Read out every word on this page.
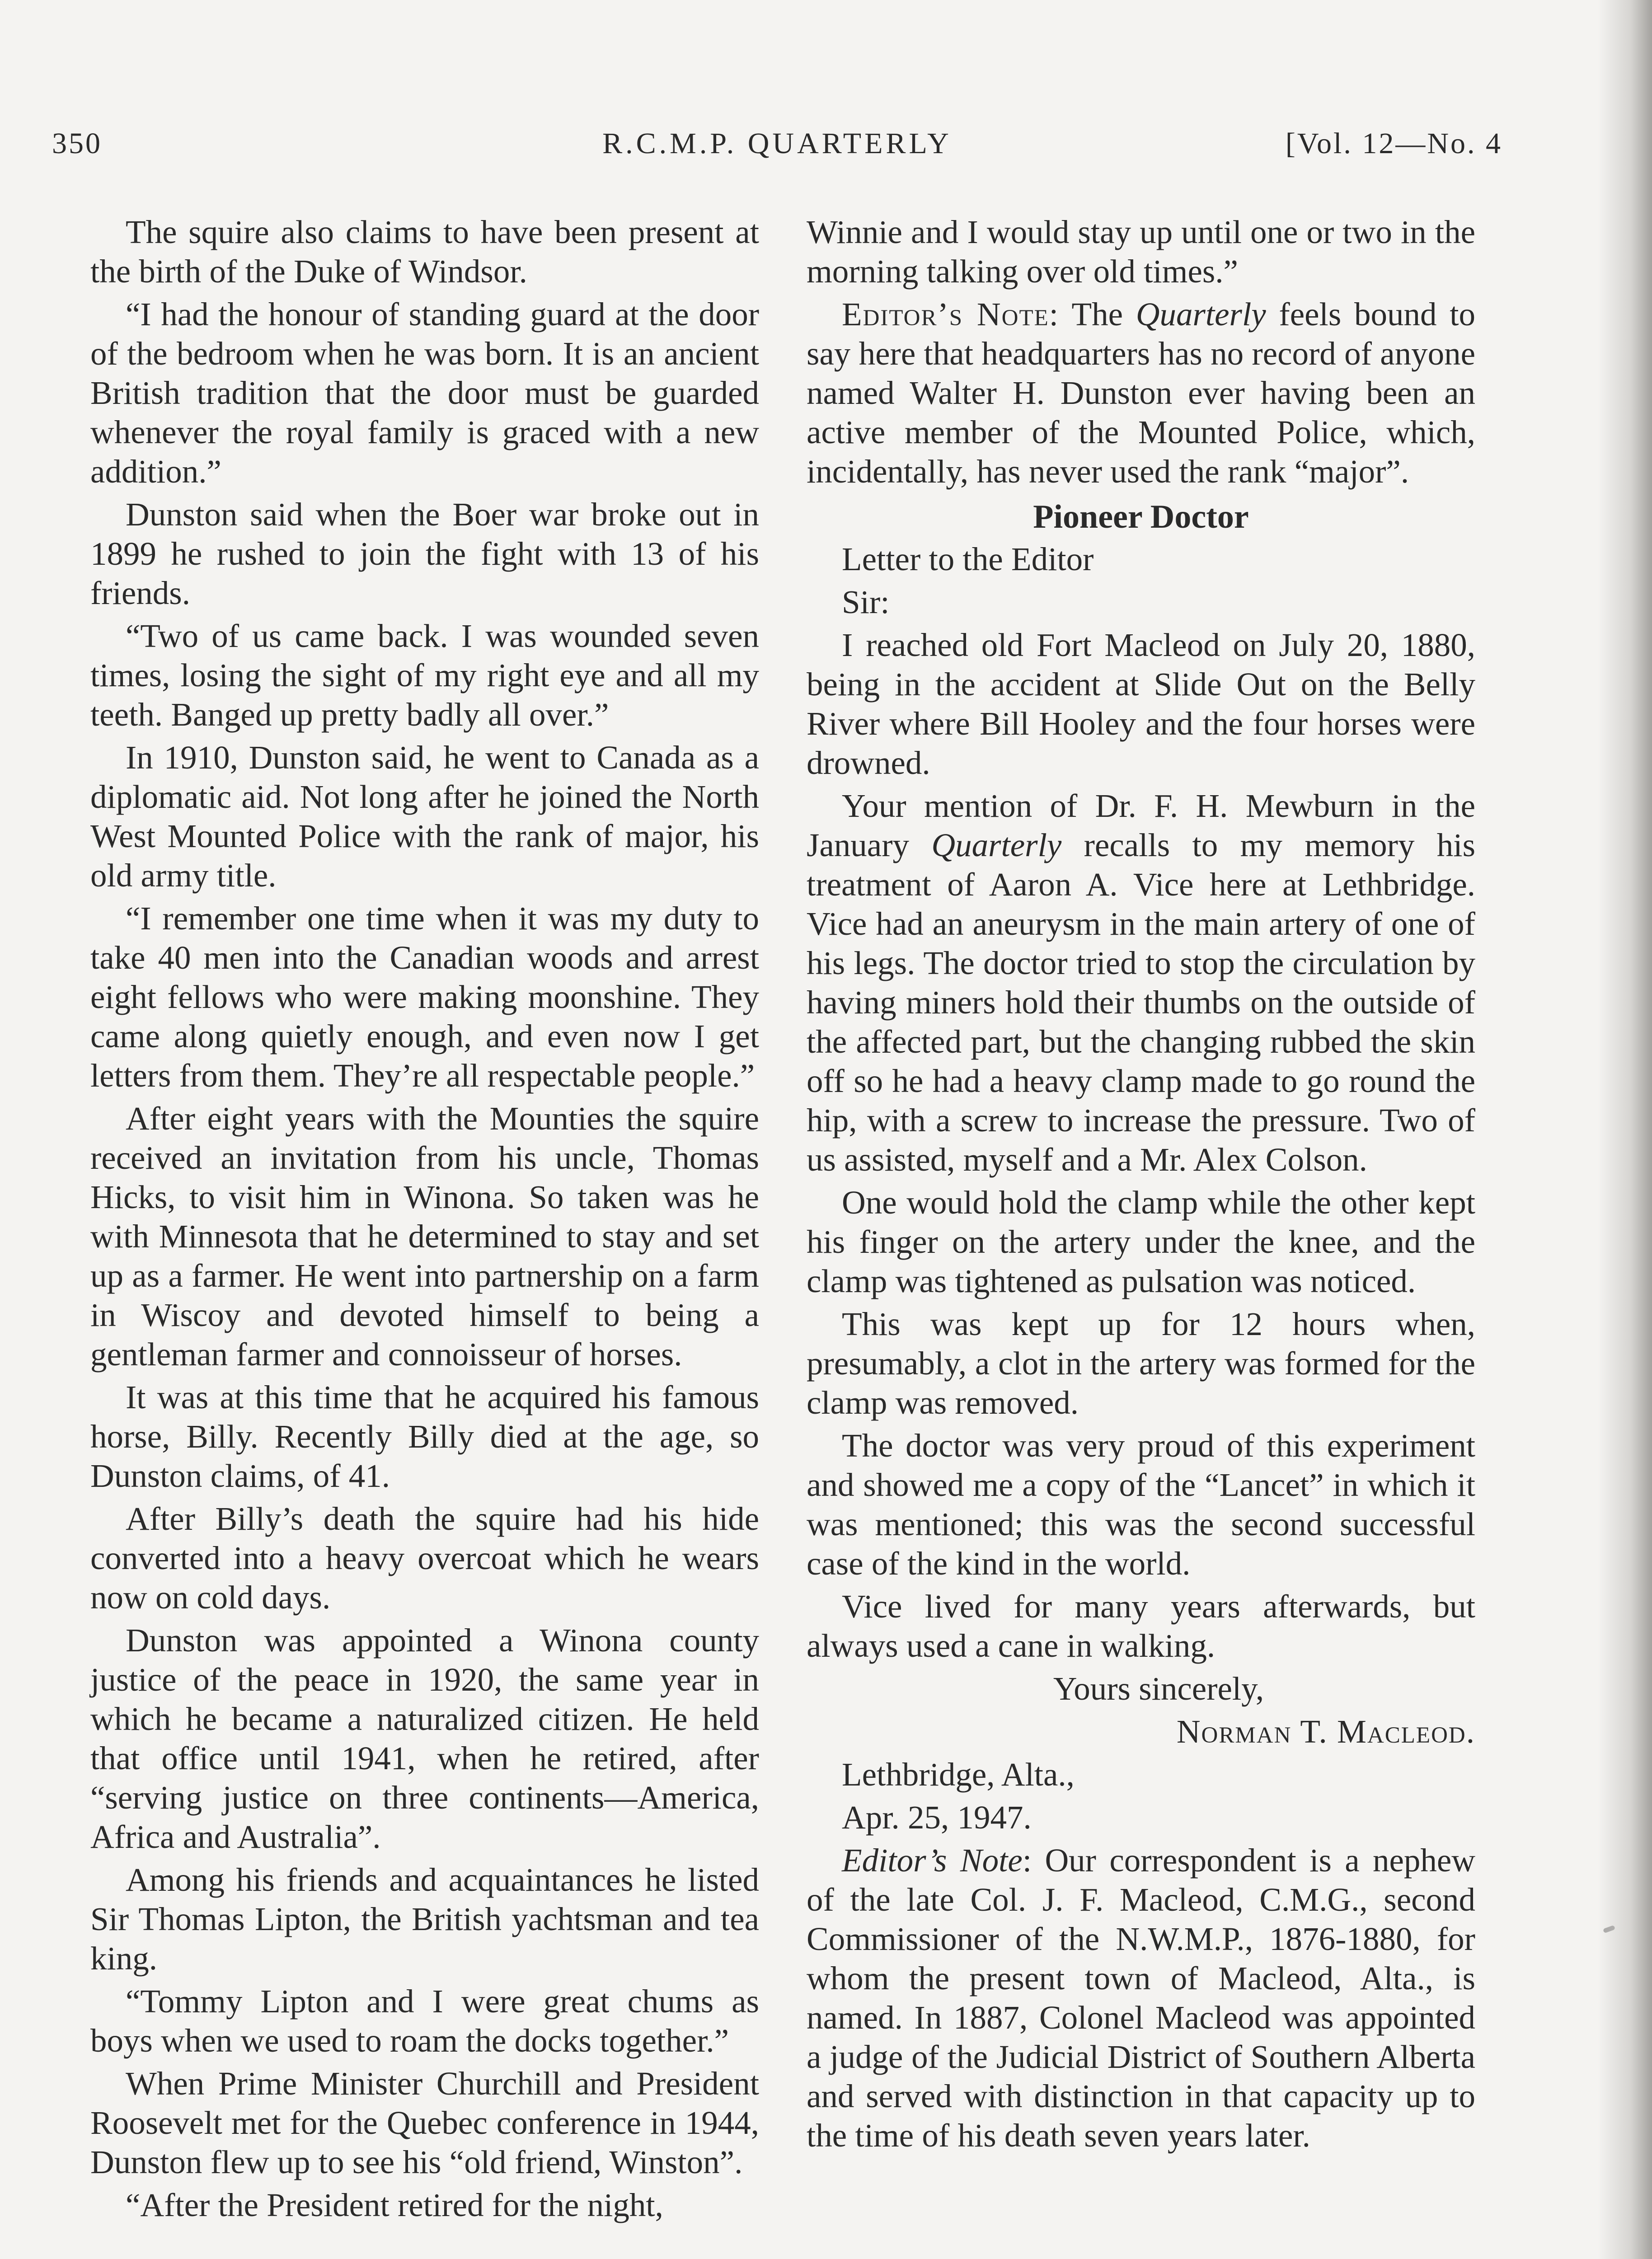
350	R.C.M.P. QUARTERLY	[Vol. 12—No. 4

The squire also claims to have been present at the birth of the Duke of Windsor.

“I had the honour of standing guard at the door of the bedroom when he was born. It is an ancient British tradition that the door must be guarded whenever the royal family is graced with a new addition.”

Dunston said when the Boer war broke out in 1899 he rushed to join the fight with 13 of his friends.

“Two of us came back. I was wounded seven times, losing the sight of my right eye and all my teeth. Banged up pretty badly all over.”

In 1910, Dunston said, he went to Canada as a diplomatic aid. Not long after he joined the North West Mounted Police with the rank of major, his old army title.

“I remember one time when it was my duty to take 40 men into the Canadian woods and arrest eight fellows who were making moonshine. They came along quietly enough, and even now I get letters from them. They’re all respectable people.”

After eight years with the Mounties the squire received an invitation from his uncle, Thomas Hicks, to visit him in Winona. So taken was he with Minnesota that he determined to stay and set up as a farmer. He went into partnership on a farm in Wiscoy and devoted himself to being a gentleman farmer and connoisseur of horses.

It was at this time that he acquired his famous horse, Billy. Recently Billy died at the age, so Dunston claims, of 41.

After Billy’s death the squire had his hide converted into a heavy overcoat which he wears now on cold days.

Dunston was appointed a Winona county justice of the peace in 1920, the same year in which he became a naturalized citizen. He held that office until 1941, when he retired, after “serving justice on three continents—America, Africa and Australia”.

Among his friends and acquaintances he listed Sir Thomas Lipton, the British yachtsman and tea king.

“Tommy Lipton and I were great chums as boys when we used to roam the docks together.”

When Prime Minister Churchill and President Roosevelt met for the Quebec conference in 1944, Dunston flew up to see his “old friend, Winston”.

“After the President retired for the night,

Winnie and I would stay up until one or two in the morning talking over old times.”

Editor’s Note: The Quarterly feels bound to say here that headquarters has no record of anyone named Walter H. Dunston ever having been an active member of the Mounted Police, which, incidentally, has never used the rank “major”.

Pioneer Doctor

Letter to the Editor

Sir:

I reached old Fort Macleod on July 20, 1880, being in the accident at Slide Out on the Belly River where Bill Hooley and the four horses were drowned.

Your mention of Dr. F. H. Mewburn in the January Quarterly recalls to my memory his treatment of Aaron A. Vice here at Lethbridge. Vice had an aneurysm in the main artery of one of his legs. The doctor tried to stop the circulation by having miners hold their thumbs on the outside of the affected part, but the changing rubbed the skin off so he had a heavy clamp made to go round the hip, with a screw to increase the pressure. Two of us assisted, myself and a Mr. Alex Colson.

One would hold the clamp while the other kept his finger on the artery under the knee, and the clamp was tightened as pulsation was noticed.

This was kept up for 12 hours when, presumably, a clot in the artery was formed for the clamp was removed.

The doctor was very proud of this experiment and showed me a copy of the “Lancet” in which it was mentioned; this was the second successful case of the kind in the world.

Vice lived for many years afterwards, but always used a cane in walking.

Yours sincerely,

Norman T. Macleod.

Lethbridge, Alta.,

Apr. 25, 1947.

Editor’s Note: Our correspondent is a nephew of the late Col. J. F. Macleod, C.M.G., second Commissioner of the N.W.M.P., 1876-1880, for whom the present town of Macleod, Alta., is named. In 1887, Colonel Macleod was appointed a judge of the Judicial District of Southern Alberta and served with distinction in that capacity up to the time of his death seven years later.
